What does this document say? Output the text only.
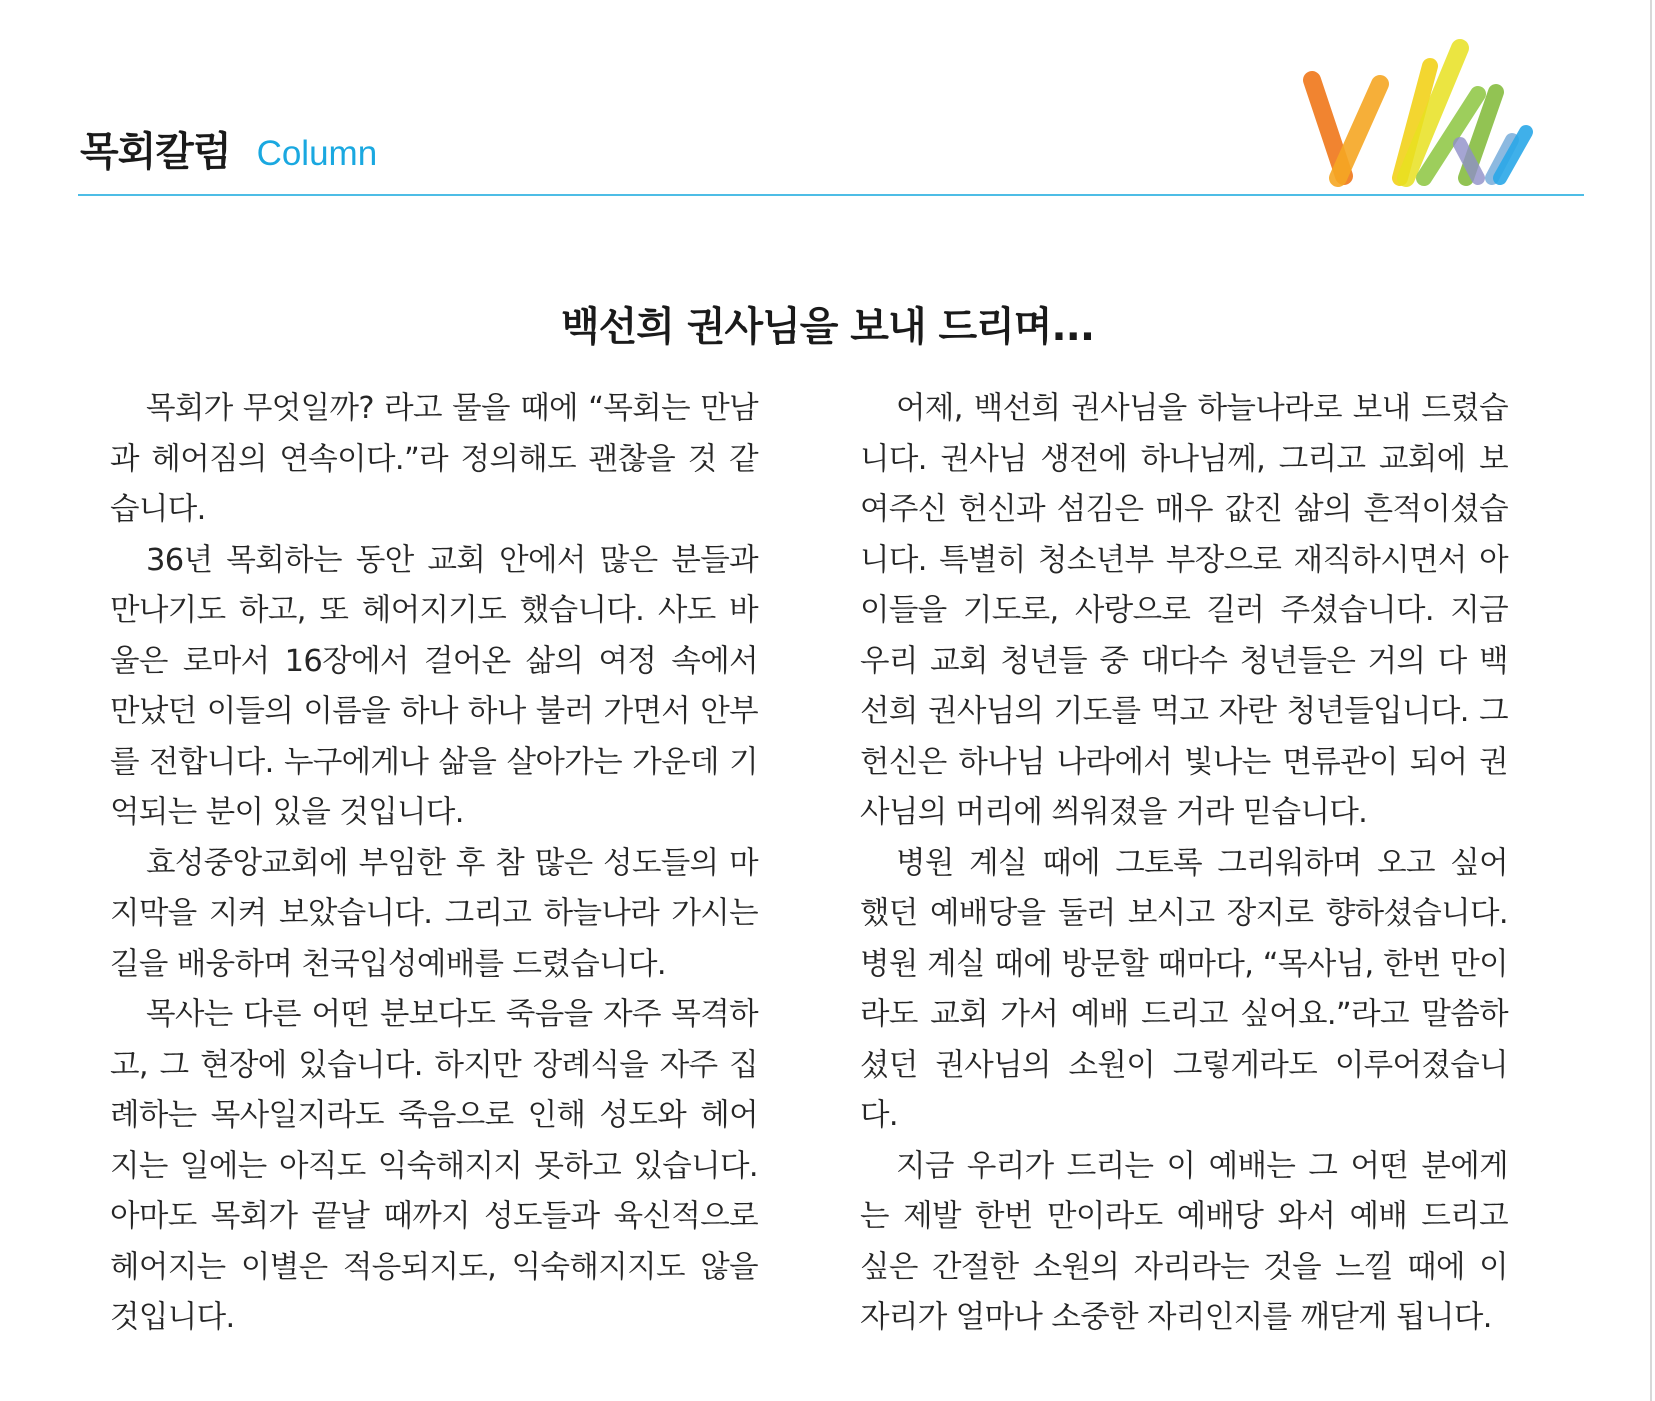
목회칼럼 Column
백선희 권사님을 보내 드리며...

목회가 무엇일까? 라고 물을 때에 “목회는 만남과 헤어짐의 연속이다.”라 정의해도 괜찮을 것 같습니다.

36년 목회하는 동안 교회 안에서 많은 분들과 만나기도 하고, 또 헤어지기도 했습니다. 사도 바울은 로마서 16장에서 걸어온 삶의 여정 속에서 만났던 이들의 이름을 하나 하나 불러 가면서 안부를 전합니다. 누구에게나 삶을 살아가는 가운데 기억되는 분이 있을 것입니다.

효성중앙교회에 부임한 후 참 많은 성도들의 마지막을 지켜 보았습니다. 그리고 하늘나라 가시는 길을 배웅하며 천국입성예배를 드렸습니다.

목사는 다른 어떤 분보다도 죽음을 자주 목격하고, 그 현장에 있습니다. 하지만 장례식을 자주 집례하는 목사일지라도 죽음으로 인해 성도와 헤어지는 일에는 아직도 익숙해지지 못하고 있습니다. 아마도 목회가 끝날 때까지 성도들과 육신적으로 헤어지는 이별은 적응되지도, 익숙해지지도 않을 것입니다.

어제, 백선희 권사님을 하늘나라로 보내 드렸습니다. 권사님 생전에 하나님께, 그리고 교회에 보여주신 헌신과 섬김은 매우 값진 삶의 흔적이셨습니다. 특별히 청소년부 부장으로 재직하시면서 아이들을 기도로, 사랑으로 길러 주셨습니다. 지금 우리 교회 청년들 중 대다수 청년들은 거의 다 백선희 권사님의 기도를 먹고 자란 청년들입니다. 그 헌신은 하나님 나라에서 빛나는 면류관이 되어 권사님의 머리에 씌워졌을 거라 믿습니다.

병원 계실 때에 그토록 그리워하며 오고 싶어 했던 예배당을 둘러 보시고 장지로 향하셨습니다. 병원 계실 때에 방문할 때마다, “목사님, 한번 만이라도 교회 가서 예배 드리고 싶어요.”라고 말씀하셨던 권사님의 소원이 그렇게라도 이루어졌습니다.

지금 우리가 드리는 이 예배는 그 어떤 분에게는 제발 한번 만이라도 예배당 와서 예배 드리고 싶은 간절한 소원의 자리라는 것을 느낄 때에 이 자리가 얼마나 소중한 자리인지를 깨닫게 됩니다.
